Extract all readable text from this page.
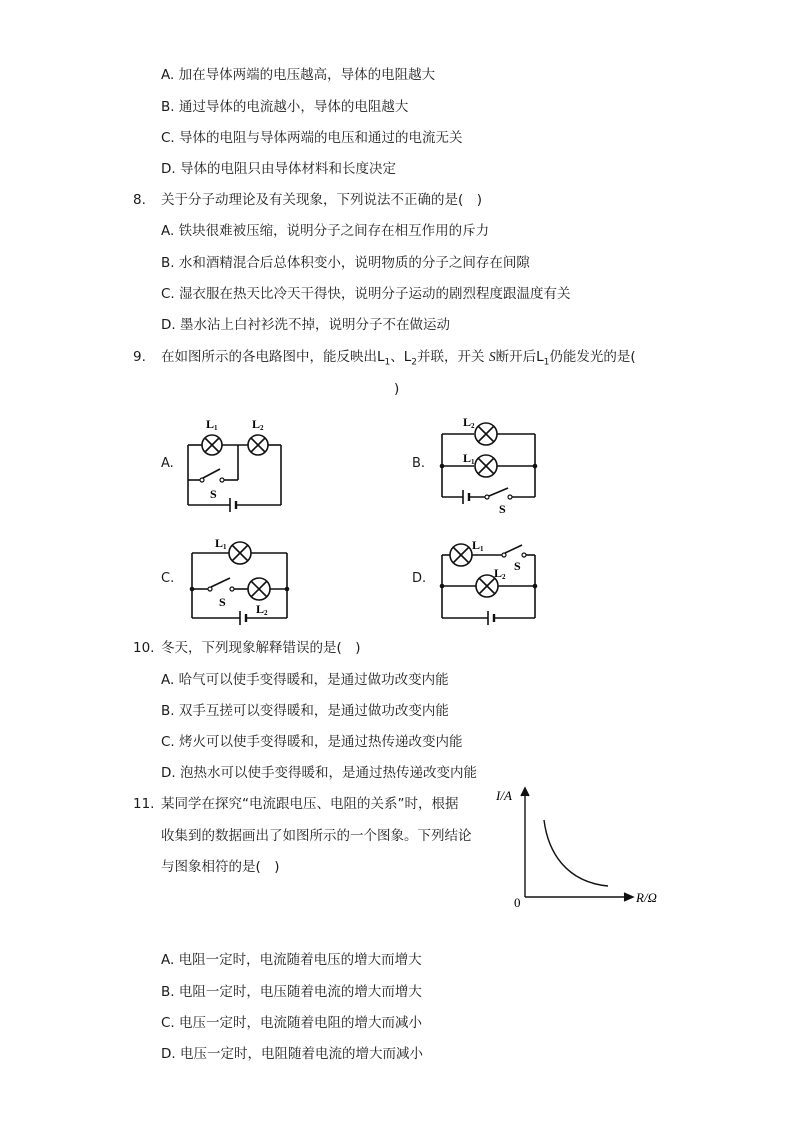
A. 加在导体两端的电压越高，导体的电阻越大
B. 通过导体的电流越小，导体的电阻越大
C. 导体的电阻与导体两端的电压和通过的电流无关
D. 导体的电阻只由导体材料和长度决定
8. 关于分子动理论及有关现象，下列说法不正确的是(　)
A. 铁块很难被压缩，说明分子之间存在相互作用的斥力
B. 水和酒精混合后总体积变小，说明物质的分子之间存在间隙
C. 湿衣服在热天比冷天干得快，说明分子运动的剧烈程度跟温度有关
D. 墨水沾上白衬衫洗不掉，说明分子不在做运动
9. 在如图所示的各电路图中，能反映出$L_1$、$L_2$并联，开关 S断开后$L_1$仍能发光的是(
)
A.	B.
C.	D.
L1	L2
S
L2
L1
S
L1
S	L2
L1
S
L2
10. 冬天，下列现象解释错误的是(　)
A. 哈气可以使手变得暖和，是通过做功改变内能
B. 双手互搓可以变得暖和，是通过做功改变内能
C. 烤火可以使手变得暖和，是通过热传递改变内能
D. 泡热水可以使手变得暖和，是通过热传递改变内能
11. 某同学在探究“电流跟电压、电阻的关系”时，根据
收集到的数据画出了如图所示的一个图象。下列结论
与图象相符的是(　)
I/A
0	R/Ω
A. 电阻一定时，电流随着电压的增大而增大
B. 电阻一定时，电压随着电流的增大而增大
C. 电压一定时，电流随着电阻的增大而减小
D. 电压一定时，电阻随着电流的增大而减小
